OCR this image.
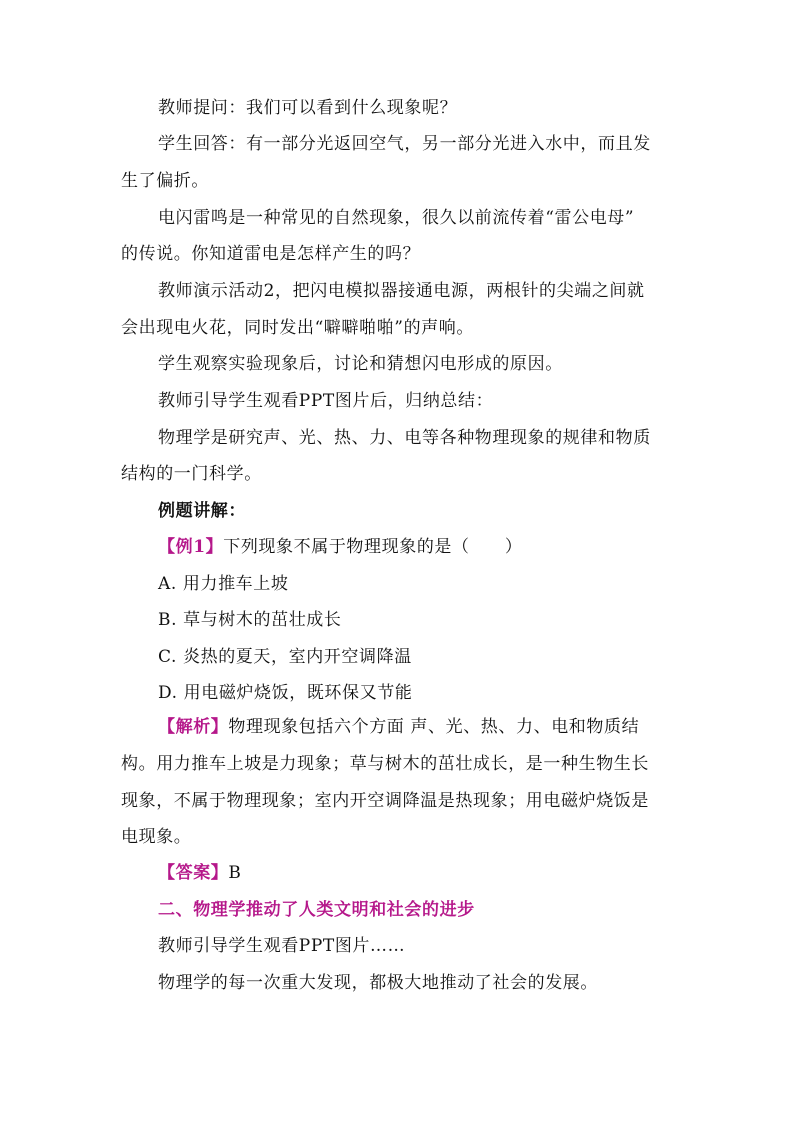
教师提问：我们可以看到什么现象呢？
学生回答：有一部分光返回空气，另一部分光进入水中，而且发
生了偏折。
电闪雷鸣是一种常见的自然现象，很久以前流传着“雷公电母”
的传说。你知道雷电是怎样产生的吗？
教师演示活动2，把闪电模拟器接通电源，两根针的尖端之间就
会出现电火花，同时发出“噼噼啪啪”的声响。
学生观察实验现象后，讨论和猜想闪电形成的原因。
教师引导学生观看PPT图片后，归纳总结：
物理学是研究声、光、热、力、电等各种物理现象的规律和物质
结构的一门科学。
例题讲解：
【例1】下列现象不属于物理现象的是（　　）
A. 用力推车上坡
B. 草与树木的茁壮成长
C. 炎热的夏天，室内开空调降温
D. 用电磁炉烧饭，既环保又节能
【解析】物理现象包括六个方面 声、光、热、力、电和物质结
构。用力推车上坡是力现象；草与树木的茁壮成长，是一种生物生长
现象，不属于物理现象；室内开空调降温是热现象；用电磁炉烧饭是
电现象。
【答案】B
二、物理学推动了人类文明和社会的进步
教师引导学生观看PPT图片……
物理学的每一次重大发现，都极大地推动了社会的发展。
